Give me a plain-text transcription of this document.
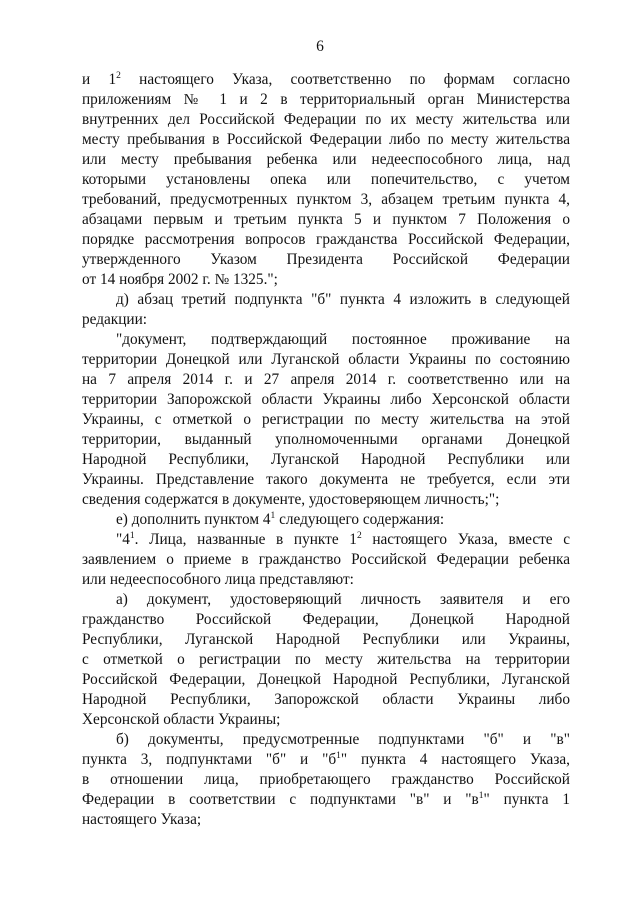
6
и $1^2$ настоящего Указа, соответственно по формам согласно
приложениям № 1 и 2 в территориальный орган Министерства
внутренних дел Российской Федерации по их месту жительства или
месту пребывания в Российской Федерации либо по месту жительства
или месту пребывания ребенка или недееспособного лица, над
которыми установлены опека или попечительство, с учетом
требований, предусмотренных пунктом 3, абзацем третьим пункта 4,
абзацами первым и третьим пункта 5 и пунктом 7 Положения о
порядке рассмотрения вопросов гражданства Российской Федерации,
утвержденного Указом Президента Российской Федерации
от 14 ноября 2002 г. № 1325.";
д) абзац третий подпункта "б" пункта 4 изложить в следующей
редакции:
"документ, подтверждающий постоянное проживание на
территории Донецкой или Луганской области Украины по состоянию
на 7 апреля 2014 г. и 27 апреля 2014 г. соответственно или на
территории Запорожской области Украины либо Херсонской области
Украины, с отметкой о регистрации по месту жительства на этой
территории, выданный уполномоченными органами Донецкой
Народной Республики, Луганской Народной Республики или
Украины. Представление такого документа не требуется, если эти
сведения содержатся в документе, удостоверяющем личность;";
е) дополнить пунктом $4^1$ следующего содержания:
"$4^1$. Лица, названные в пункте $1^2$ настоящего Указа, вместе с
заявлением о приеме в гражданство Российской Федерации ребенка
или недееспособного лица представляют:
а) документ, удостоверяющий личность заявителя и его
гражданство Российской Федерации, Донецкой Народной
Республики, Луганской Народной Республики или Украины,
с отметкой о регистрации по месту жительства на территории
Российской Федерации, Донецкой Народной Республики, Луганской
Народной Республики, Запорожской области Украины либо
Херсонской области Украины;
б) документы, предусмотренные подпунктами "б" и "в"
пункта 3, подпунктами "б" и "$б^1$" пункта 4 настоящего Указа,
в отношении лица, приобретающего гражданство Российской
Федерации в соответствии с подпунктами "в" и "$в^1$" пункта 1
настоящего Указа;
